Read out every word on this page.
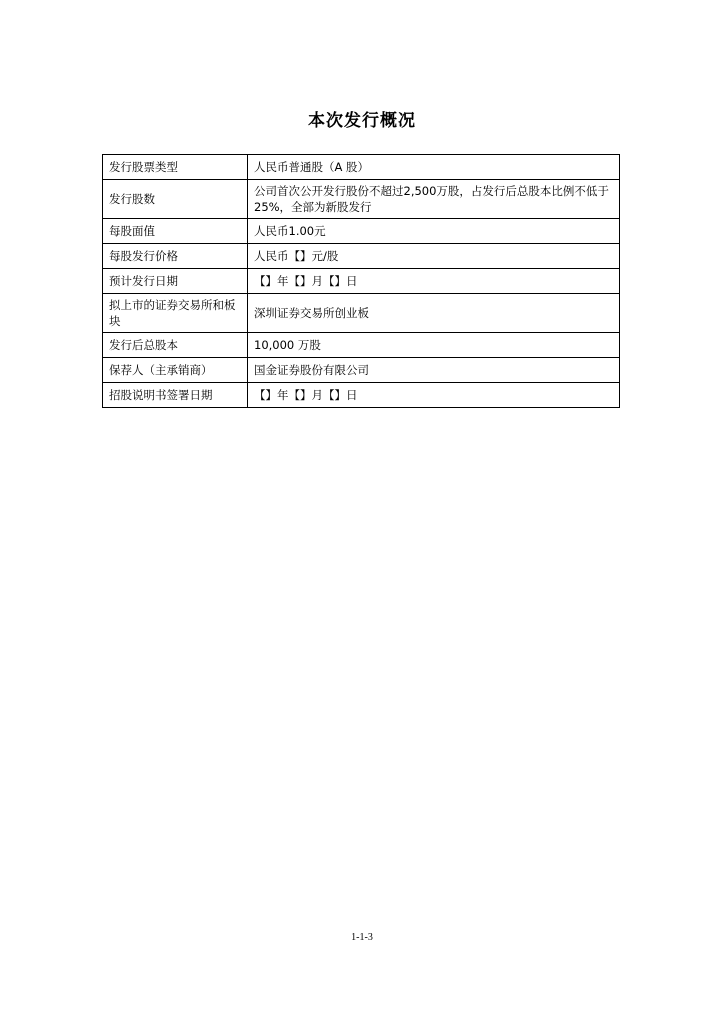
本次发行概况
发行股票类型	人民币普通股（A 股）
发行股数	公司首次公开发行股份不超过2,500万股，占发行后总股本比例不低于25%，全部为新股发行
每股面值	人民币1.00元
每股发行价格	人民币【】元/股
预计发行日期	【】年【】月【】日
拟上市的证券交易所和板块	深圳证券交易所创业板
发行后总股本	10,000 万股
保荐人（主承销商）	国金证券股份有限公司
招股说明书签署日期	【】年【】月【】日
1-1-3
